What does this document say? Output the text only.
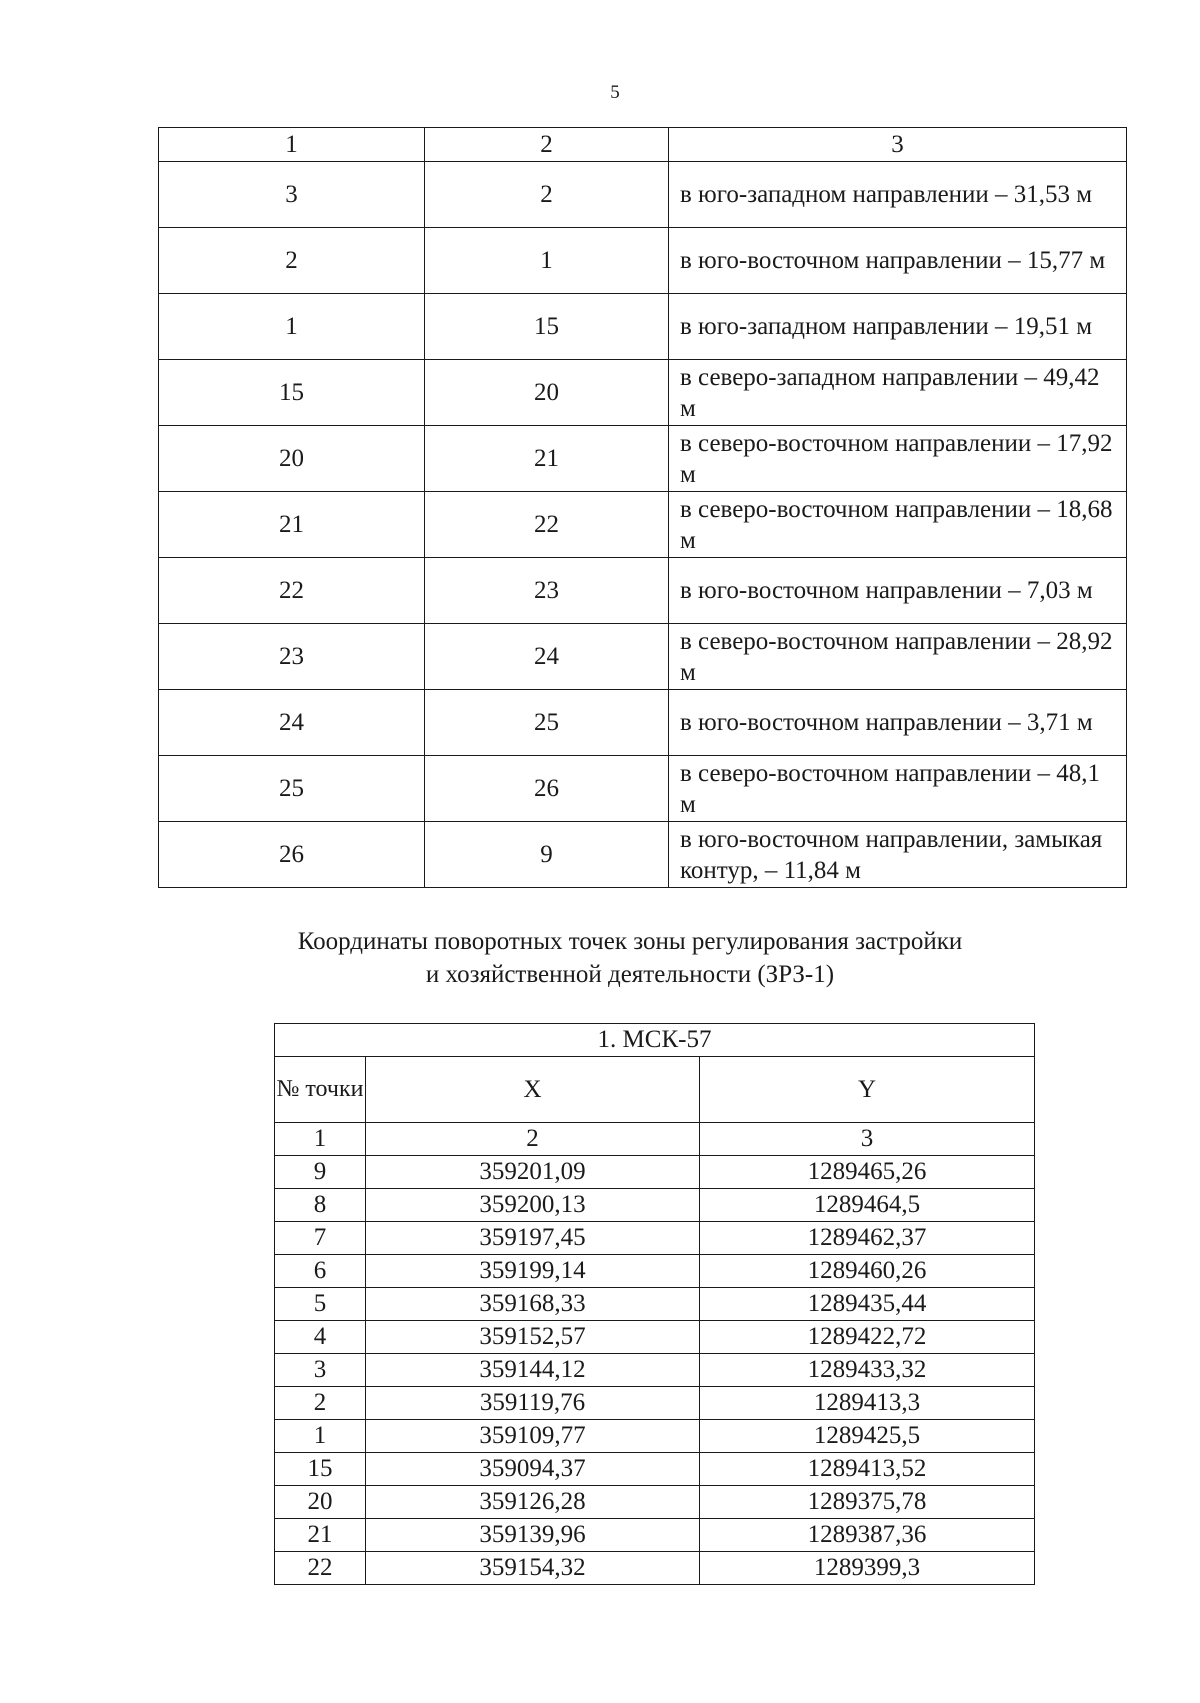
5
1	2	3
3	2	в юго-западном направлении – 31,53 м
2	1	в юго-восточном направлении – 15,77 м
1	15	в юго-западном направлении – 19,51 м
15	20	в северо-западном направлении – 49,42 м
20	21	в северо-восточном направлении – 17,92 м
21	22	в северо-восточном направлении – 18,68 м
22	23	в юго-восточном направлении – 7,03 м
23	24	в северо-восточном направлении – 28,92 м
24	25	в юго-восточном направлении – 3,71 м
25	26	в северо-восточном направлении – 48,1 м
26	9	в юго-восточном направлении, замыкая контур, – 11,84 м
Координаты поворотных точек зоны регулирования застройки
и хозяйственной деятельности (ЗРЗ-1)
1. МСК-57		
№ точки	X	Y
1	2	3
9	359201,09	1289465,26
8	359200,13	1289464,5
7	359197,45	1289462,37
6	359199,14	1289460,26
5	359168,33	1289435,44
4	359152,57	1289422,72
3	359144,12	1289433,32
2	359119,76	1289413,3
1	359109,77	1289425,5
15	359094,37	1289413,52
20	359126,28	1289375,78
21	359139,96	1289387,36
22	359154,32	1289399,3
